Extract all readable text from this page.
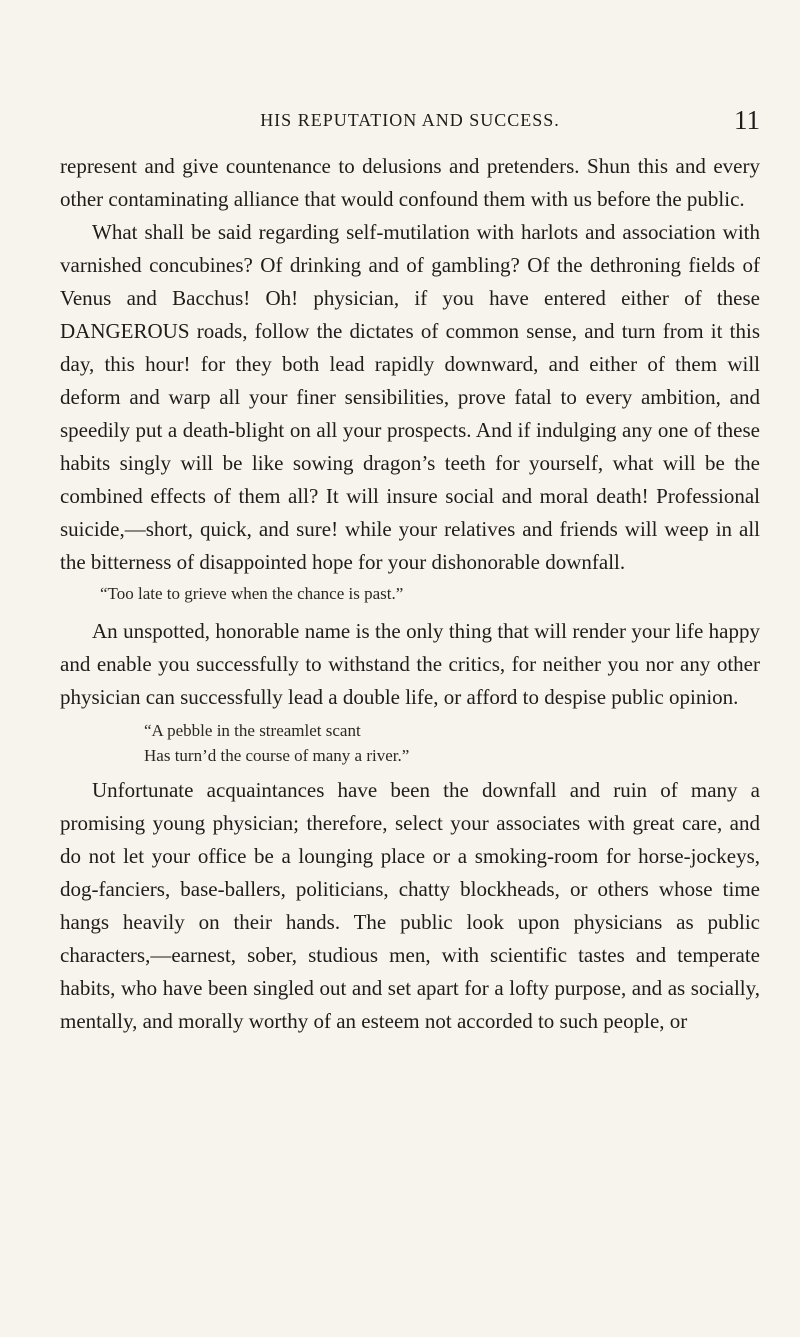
HIS REPUTATION AND SUCCESS.	11

represent and give countenance to delusions and pretenders. Shun this and every other contaminating alliance that would confound them with us before the public.

What shall be said regarding self-mutilation with harlots and association with varnished concubines? Of drinking and of gambling? Of the dethroning fields of Venus and Bacchus! Oh! physician, if you have entered either of these DANGEROUS roads, follow the dictates of common sense, and turn from it this day, this hour! for they both lead rapidly downward, and either of them will deform and warp all your finer sensibilities, prove fatal to every ambition, and speedily put a death-blight on all your prospects. And if indulging any one of these habits singly will be like sowing dragon’s teeth for yourself, what will be the combined effects of them all? It will insure social and moral death! Professional suicide,—short, quick, and sure! while your relatives and friends will weep in all the bitterness of disappointed hope for your dishonorable downfall.

“Too late to grieve when the chance is past.”

An unspotted, honorable name is the only thing that will render your life happy and enable you successfully to withstand the critics, for neither you nor any other physician can successfully lead a double life, or afford to despise public opinion.

“A pebble in the streamlet scant
Has turn’d the course of many a river.”

Unfortunate acquaintances have been the downfall and ruin of many a promising young physician; therefore, select your associates with great care, and do not let your office be a lounging place or a smoking-room for horse-jockeys, dog-fanciers, base-ballers, politicians, chatty blockheads, or others whose time hangs heavily on their hands. The public look upon physicians as public characters,—earnest, sober, studious men, with scientific tastes and temperate habits, who have been singled out and set apart for a lofty purpose, and as socially, mentally, and morally worthy of an esteem not accorded to such people, or
